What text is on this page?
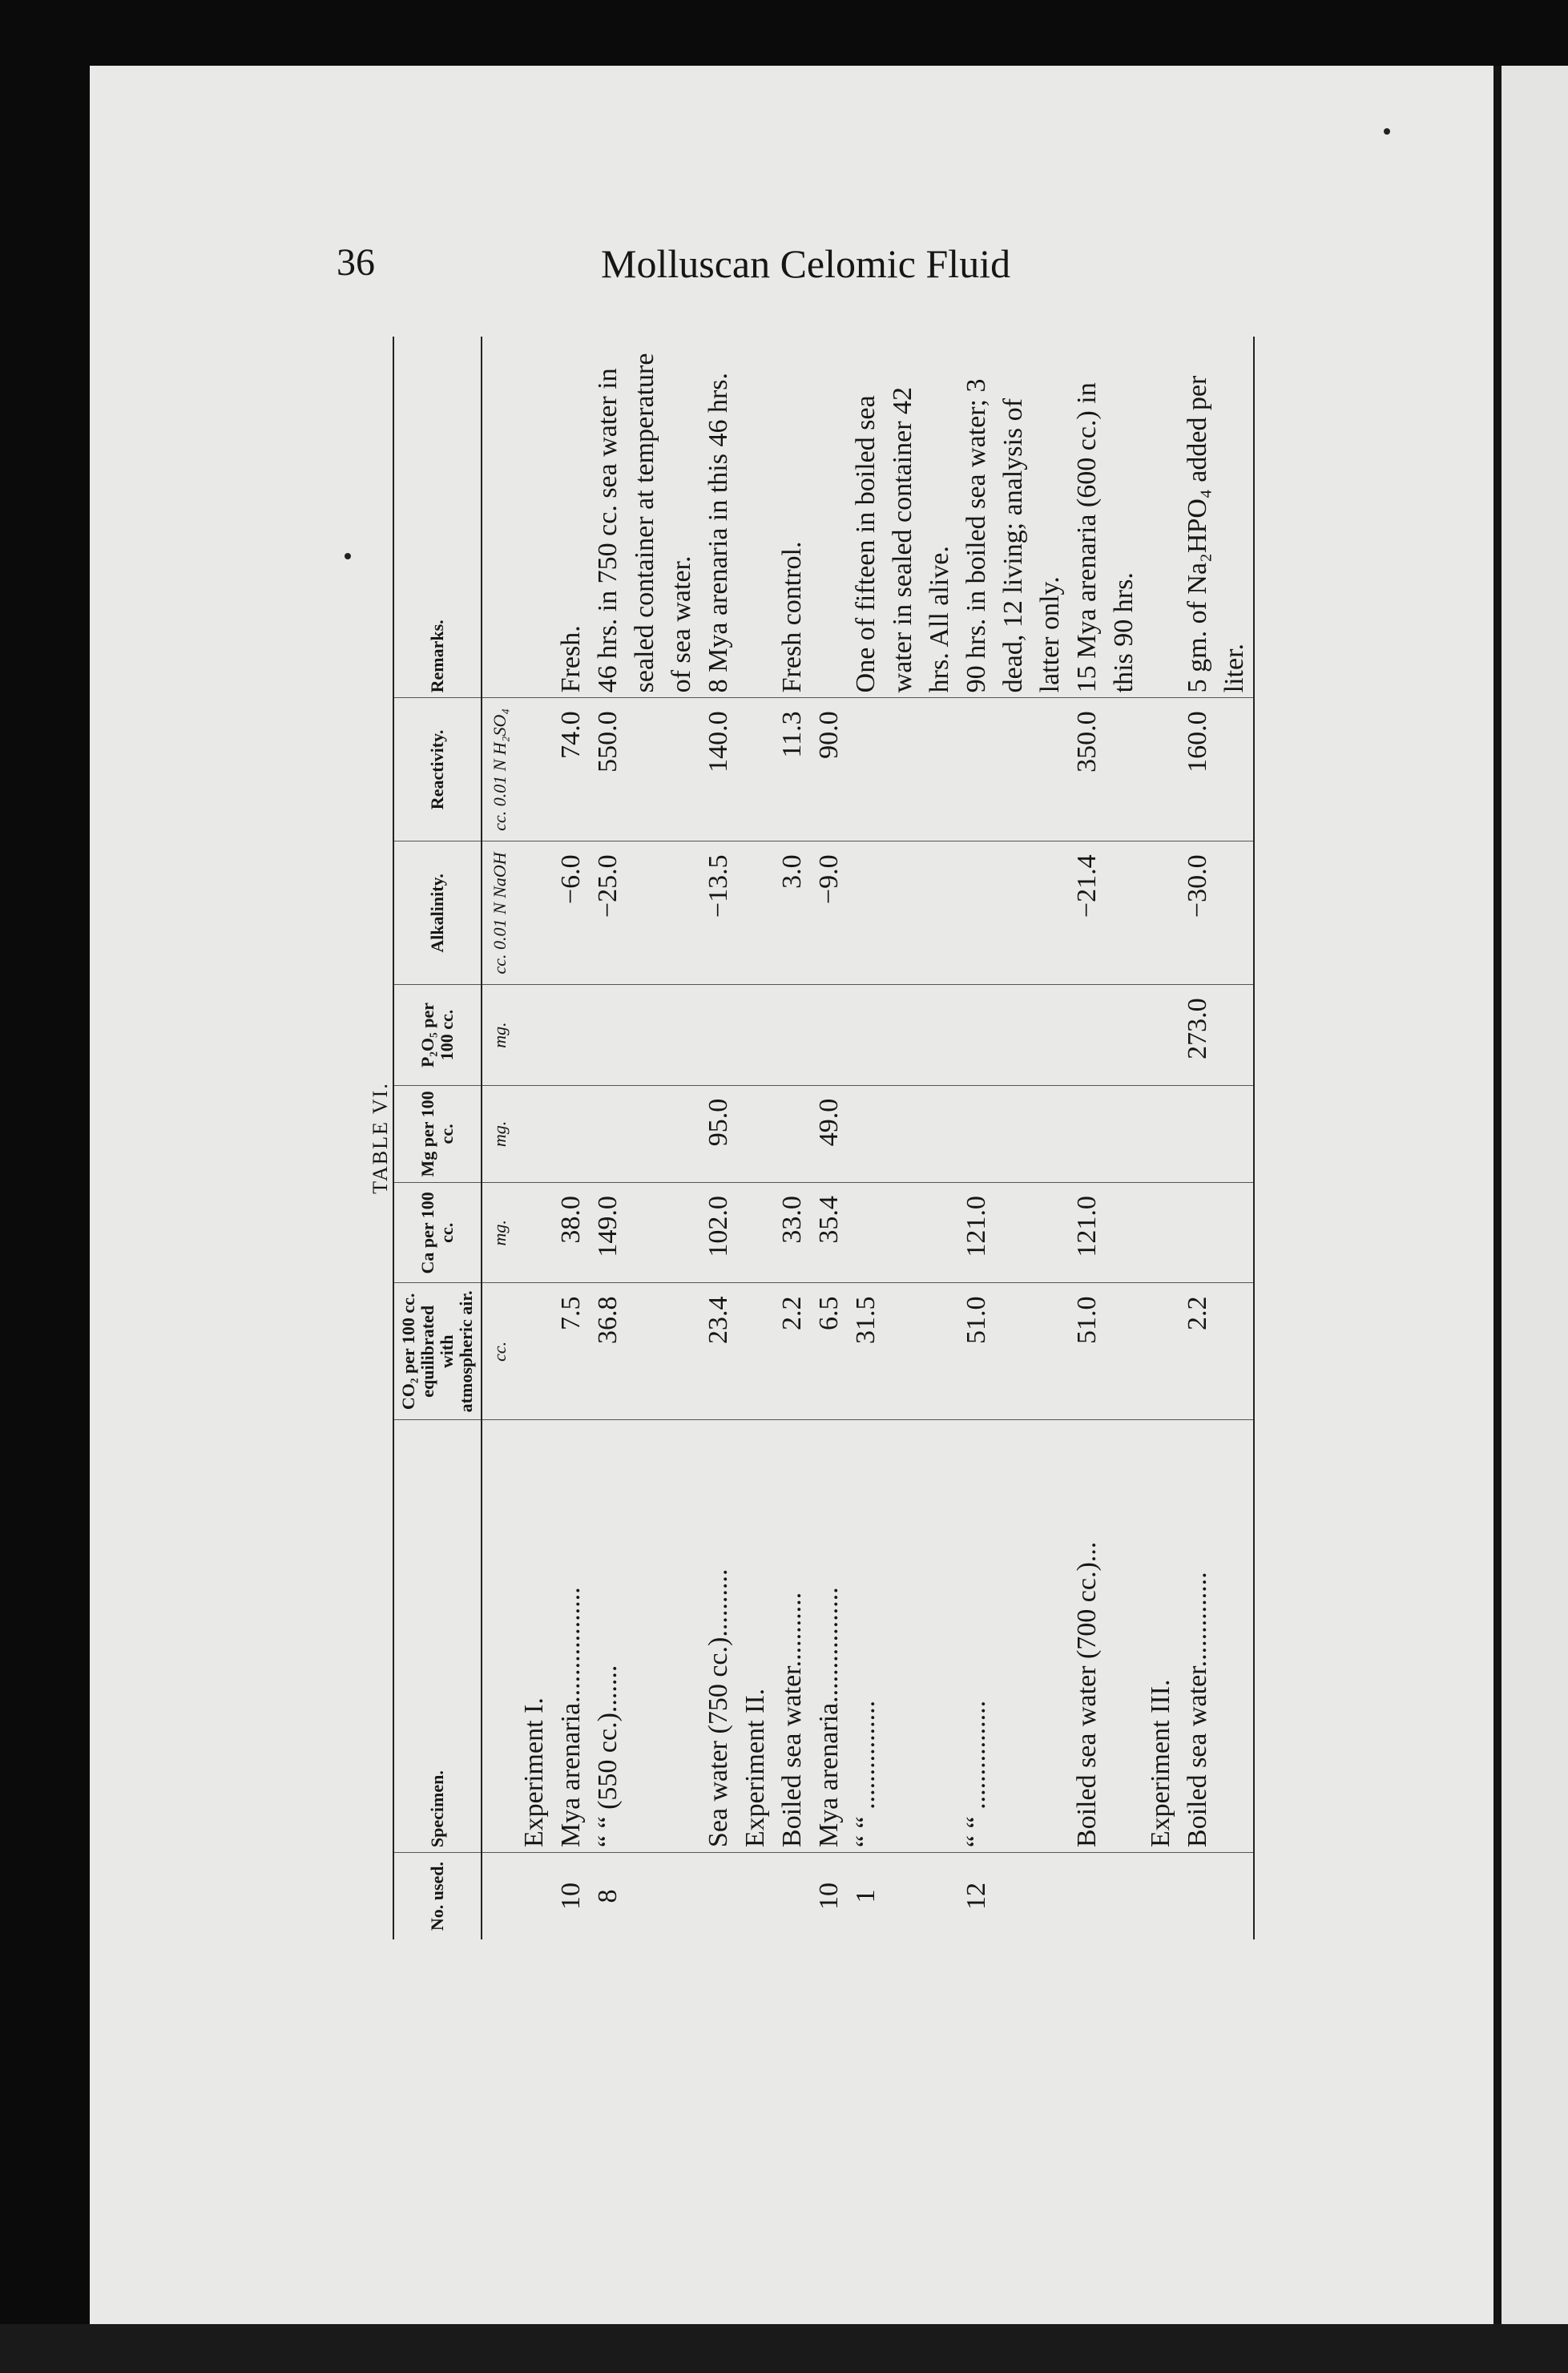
36	Molluscan Celomic Fluid
TABLE VI.
No. used.	Specimen.	CO₂ per 100 cc. equilibrated with atmospheric air.	Ca per 100 cc.	Mg per 100 cc.	P₂O₅ per 100 cc.	Alkalinity.	Reactivity.	Remarks.
		cc.	mg.	mg.	mg.	cc. 0.01 N NaOH	cc. 0.01 N H₂SO₄	
	Experiment I.							
10	Mya arenaria.................	7.5	38.0			−6.0	74.0	Fresh.
8	“ “ (550 cc.).......	36.8	149.0			−25.0	550.0	46 hrs. in 750 cc. sea water in sealed container at temperature of sea water.
	Sea water (750 cc.)..........	23.4	102.0	95.0		−13.5	140.0	8 Mya arenaria in this 46 hrs.
	Experiment II.							
	Boiled sea water...........	2.2	33.0			3.0	11.3	Fresh control.
10	Mya arenaria.................	6.5	35.4	49.0		−9.0	90.0	
1	“ “ ................	31.5						One of fifteen in boiled sea water in sealed container 42 hrs. All alive.
12	“ “ ................	51.0	121.0					90 hrs. in boiled sea water; 3 dead, 12 living; analysis of latter only.
	Boiled sea water (700 cc.)...	51.0	121.0			−21.4	350.0	15 Mya arenaria (600 cc.) in this 90 hrs.
	Experiment III.							
	Boiled sea water..............	2.2			273.0	−30.0	160.0	5 gm. of Na₂HPO₄ added per liter.
